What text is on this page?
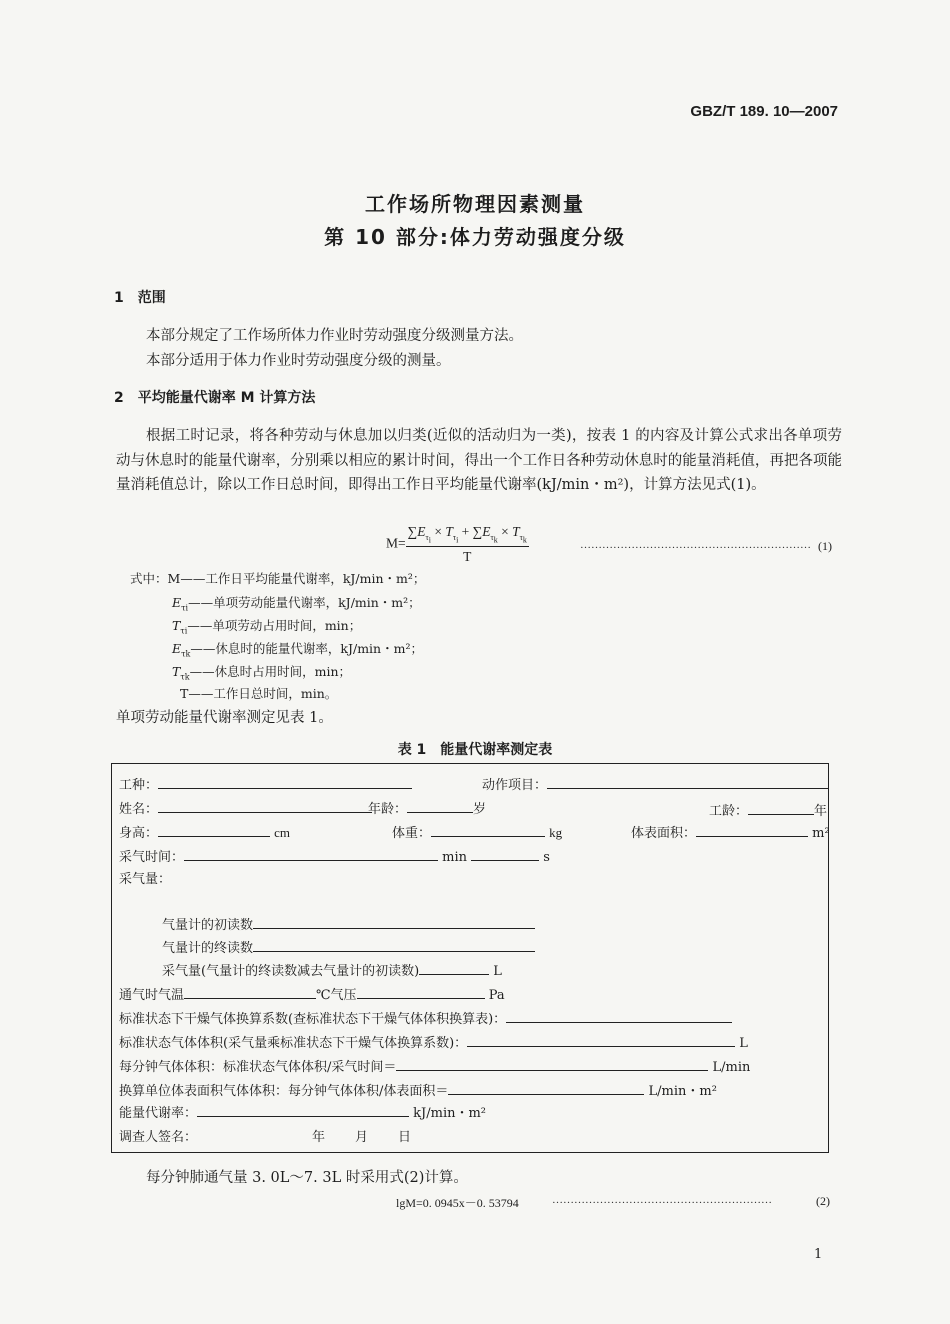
GBZ/T 189. 10—2007
工作场所物理因素测量
第 10 部分:体力劳动强度分级
1　范围
本部分规定了工作场所体力作业时劳动强度分级测量方法。
本部分适用于体力作业时劳动强度分级的测量。
2　平均能量代谢率 M 计算方法
根据工时记录，将各种劳动与休息加以归类(近似的活动归为一类)，按表 1 的内容及计算公式求出各单项劳动与休息时的能量代谢率，分别乘以相应的累计时间，得出一个工作日各种劳动休息时的能量消耗值，再把各项能量消耗值总计，除以工作日总时间，即得出工作日平均能量代谢率(kJ/min・m²)，计算方法见式(1)。
$M= \frac{\sum E_{\tau_i} \times T_{\tau_i} + \sum E_{\tau_k} \times T_{\tau_k}}{T}$	……………………………………………………… (1)
式中：M——工作日平均能量代谢率，kJ/min・m²；
$E_{\tau i}——$单项劳动能量代谢率，kJ/min・m²；
$T_{\tau i}——$单项劳动占用时间，min；
$E_{\tau k}——$休息时的能量代谢率，kJ/min・m²；
$T_{\tau k}——$休息时占用时间，min；
T——工作日总时间，min。
单项劳动能量代谢率测定见表 1。
表 1　能量代谢率测定表
工种：	动作项目：
姓名：	年龄：	岁	工龄：	年
身高：	cm	体重：	kg	体表面积：	m²
采气时间：	min	s
采气量：
气量计的初读数
气量计的终读数
采气量(气量计的终读数减去气量计的初读数)	L
通气时气温	℃气压	Pa
标准状态下干燥气体换算系数(查标准状态下干燥气体体积换算表)：
标准状态气体体积(采气量乘标准状态下干燥气体换算系数)：	L
每分钟气体体积：标准状态气体体积/采气时间＝	L/min
换算单位体表面积气体体积：每分钟气体体积/体表面积＝	L/min・m²
能量代谢率：	kJ/min・m²
调查人签名：	年 月 日
每分钟肺通气量 3. 0L～7. 3L 时采用式(2)计算。
lgM=0. 0945x－0. 53794	……………………………………………………	(2)
1
